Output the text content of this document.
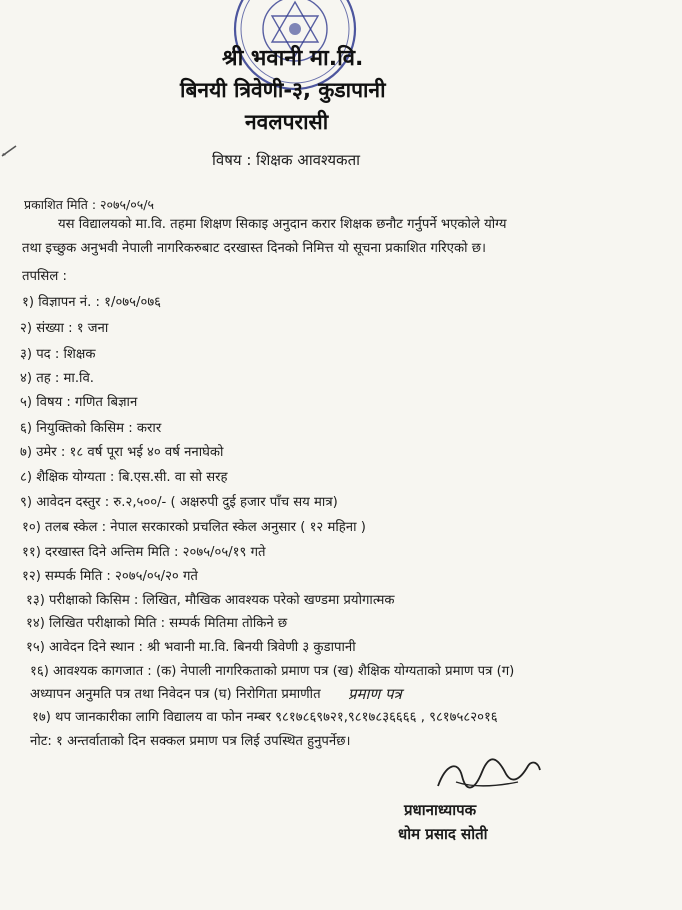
श्री भवानी मा.वि.
बिनयी त्रिवेणी-३, कुडापानी
नवलपरासी
विषय : शिक्षक आवश्यकता
प्रकाशित मिति : २०७५/०५/५
यस विद्यालयको मा.वि. तहमा शिक्षण सिकाइ अनुदान करार शिक्षक छनौट गर्नुपर्ने भएकोले योग्य
तथा इच्छुक अनुभवी नेपाली नागरिकरुबाट दरखास्त दिनको निमित्त यो सूचना प्रकाशित गरिएको छ।
तपसिल :
१) विज्ञापन नं. : १/०७५/०७६
२) संख्या : १ जना
३) पद : शिक्षक
४) तह : मा.वि.
५) विषय : गणित बिज्ञान
६) नियुक्तिको किसिम : करार
७) उमेर : १८ वर्ष पूरा भई ४० वर्ष ननाघेको
८) शैक्षिक योग्यता : बि.एस.सी. वा सो सरह
९) आवेदन दस्तुर : रु.२,५००/- ( अक्षरुपी दुई हजार पाँच सय मात्र)
१०) तलब स्केल : नेपाल सरकारको प्रचलित स्केल अनुसार ( १२ महिना )
११) दरखास्त दिने अन्तिम मिति : २०७५/०५/१९ गते
१२) सम्पर्क मिति : २०७५/०५/२० गते
१३) परीक्षाको किसिम : लिखित, मौखिक आवश्यक परेको खण्डमा प्रयोगात्मक
१४) लिखित परीक्षाको मिति : सम्पर्क मितिमा तोकिने छ
१५) आवेदन दिने स्थान : श्री भवानी मा.वि. बिनयी त्रिवेणी ३ कुडापानी
१६) आवश्यक कागजात : (क) नेपाली नागरिकताको प्रमाण पत्र (ख) शैक्षिक योग्यताको प्रमाण पत्र (ग)
अध्यापन अनुमति पत्र तथा निवेदन पत्र (घ) निरोगिता प्रमाणीत प्रमाण पत्र
१७) थप जानकारीका लागि विद्यालय वा फोन नम्बर ९८१७८६९७२१,९८१७८३६६६६ , ९८१७५८२०१६
नोट: १ अन्तर्वाताको दिन सक्कल प्रमाण पत्र लिई उपस्थित हुनुपर्नेछ।
प्रधानाध्यापक
धोम प्रसाद सोती
